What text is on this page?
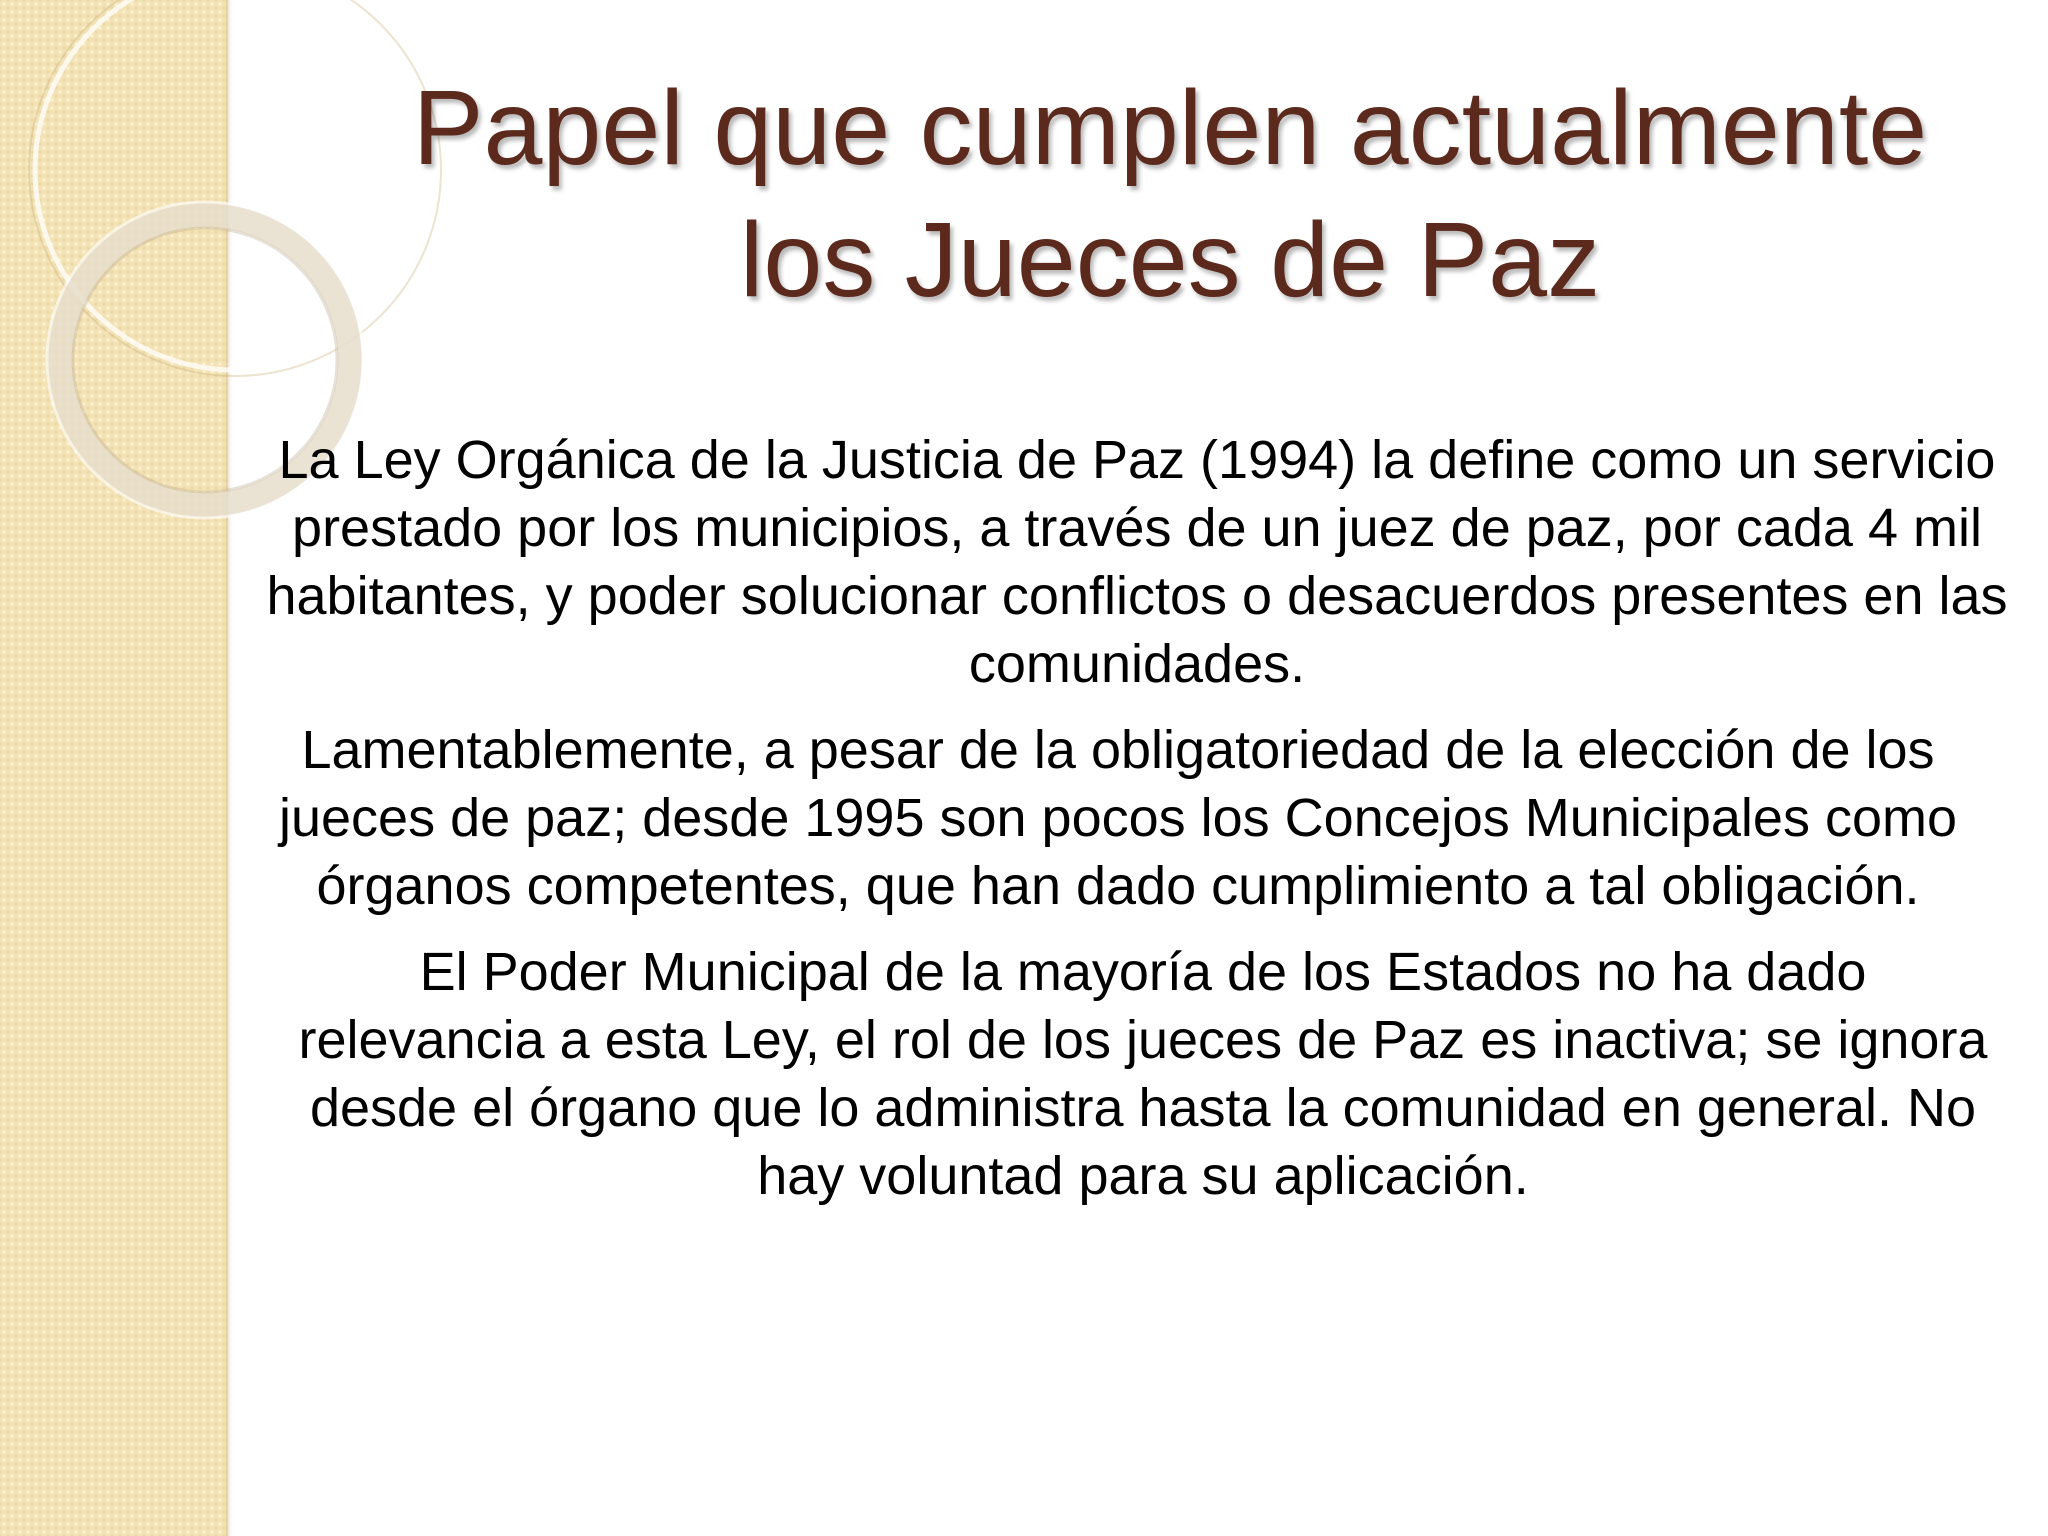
Papel que cumplen actualmente
los Jueces de Paz

La Ley Orgánica de la Justicia de Paz (1994) la define como un servicio prestado por los municipios, a través de un juez de paz, por cada 4 mil habitantes, y poder solucionar conflictos o desacuerdos presentes en las comunidades.

Lamentablemente, a pesar de la obligatoriedad de la elección de los jueces de paz; desde 1995 son pocos los Concejos Municipales como órganos competentes, que han dado cumplimiento a tal obligación.

El Poder Municipal de la mayoría de los Estados no ha dado relevancia a esta Ley, el rol de los jueces de Paz es inactiva; se ignora desde el órgano que lo administra hasta la comunidad en general. No hay voluntad para su aplicación.
